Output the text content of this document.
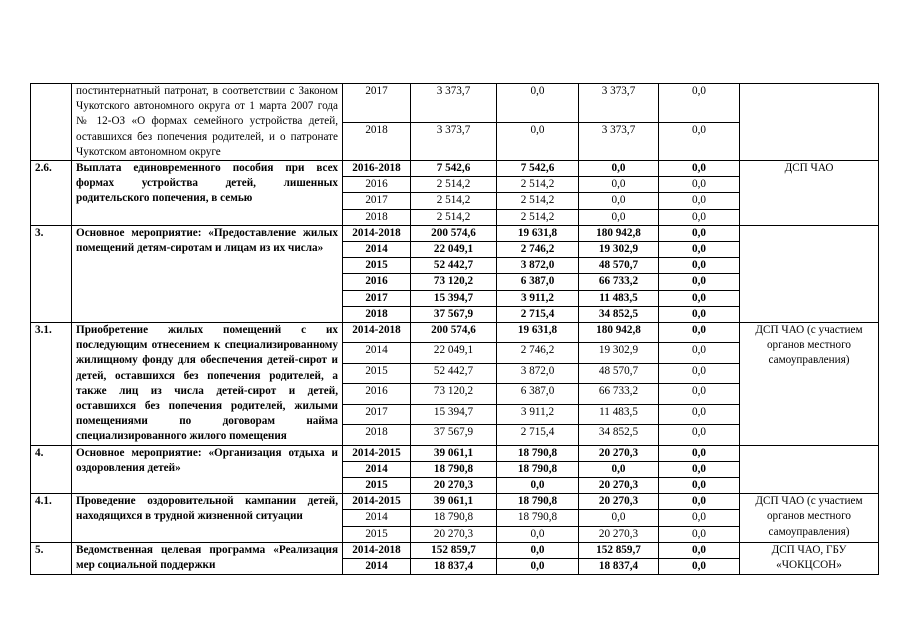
	постинтернатный патронат, в соответствии с Законом Чукотского автономного округа от 1 марта 2007 года № 12-ОЗ «О формах семейного устройства детей, оставшихся без попечения родителей, и о патронате Чукотском автономном округе	2017	3 373,7	0,0	3 373,7	0,0	
		2018	3 373,7	0,0	3 373,7	0,0	
2.6.	Выплата единовременного пособия при всех формах устройства детей, лишенных родительского попечения, в семью	2016-2018	7 542,6	7 542,6	0,0	0,0	ДСП ЧАО
		2016	2 514,2	2 514,2	0,0	0,0	
		2017	2 514,2	2 514,2	0,0	0,0	
		2018	2 514,2	2 514,2	0,0	0,0	
3.	Основное мероприятие: «Предоставление жилых помещений детям-сиротам и лицам из их числа»	2014-2018	200 574,6	19 631,8	180 942,8	0,0	
		2014	22 049,1	2 746,2	19 302,9	0,0	
		2015	52 442,7	3 872,0	48 570,7	0,0	
		2016	73 120,2	6 387,0	66 733,2	0,0	
		2017	15 394,7	3 911,2	11 483,5	0,0	
		2018	37 567,9	2 715,4	34 852,5	0,0	
3.1.	Приобретение жилых помещений с их последующим отнесением к специализированному жилищному фонду для обеспечения детей-сирот и детей, оставшихся без попечения родителей, а также лиц из числа детей-сирот и детей, оставшихся без попечения родителей, жилыми помещениями по договорам найма специализированного жилого помещения	2014-2018	200 574,6	19 631,8	180 942,8	0,0	ДСП ЧАО (с участием органов местного самоуправления)
		2014	22 049,1	2 746,2	19 302,9	0,0	
		2015	52 442,7	3 872,0	48 570,7	0,0	
		2016	73 120,2	6 387,0	66 733,2	0,0	
		2017	15 394,7	3 911,2	11 483,5	0,0	
		2018	37 567,9	2 715,4	34 852,5	0,0	
4.	Основное мероприятие: «Организация отдыха и оздоровления детей»	2014-2015	39 061,1	18 790,8	20 270,3	0,0	
		2014	18 790,8	18 790,8	0,0	0,0	
		2015	20 270,3	0,0	20 270,3	0,0	
4.1.	Проведение оздоровительной кампании детей, находящихся в трудной жизненной ситуации	2014-2015	39 061,1	18 790,8	20 270,3	0,0	ДСП ЧАО (с участием органов местного самоуправления)
		2014	18 790,8	18 790,8	0,0	0,0	
		2015	20 270,3	0,0	20 270,3	0,0	
5.	Ведомственная целевая программа «Реализация мер социальной поддержки	2014-2018	152 859,7	0,0	152 859,7	0,0	ДСП ЧАО, ГБУ «ЧОКЦСОН»
		2014	18 837,4	0,0	18 837,4	0,0	
